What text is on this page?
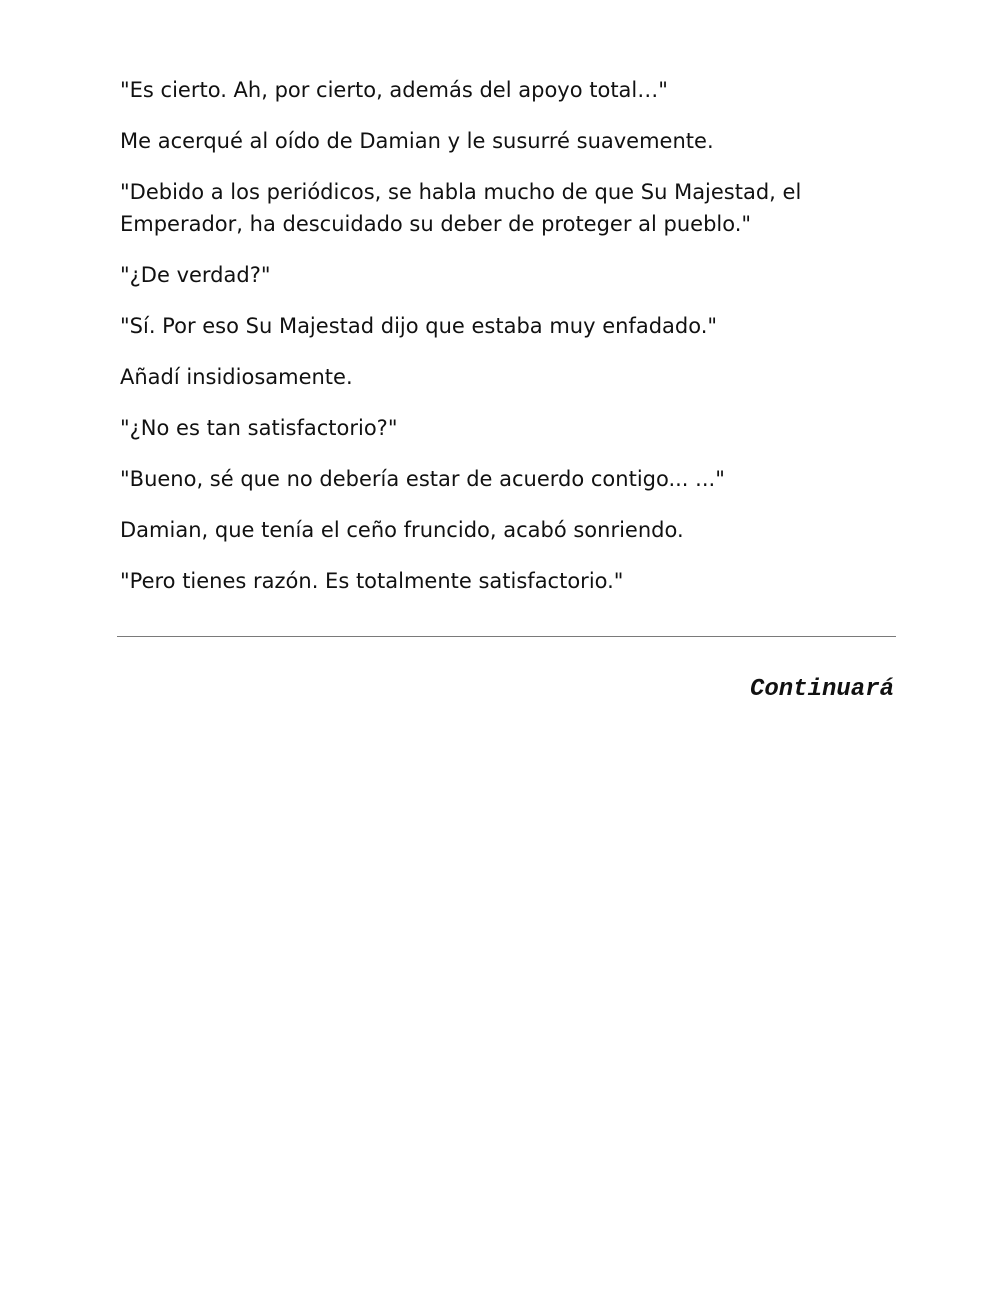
"Es cierto. Ah, por cierto, además del apoyo total…"

Me acerqué al oído de Damian y le susurré suavemente.

"Debido a los periódicos, se habla mucho de que Su Majestad, el Emperador, ha descuidado su deber de proteger al pueblo."

"¿De verdad?"

"Sí. Por eso Su Majestad dijo que estaba muy enfadado."

Añadí insidiosamente.

"¿No es tan satisfactorio?"

"Bueno, sé que no debería estar de acuerdo contigo... ..."

Damian, que tenía el ceño fruncido, acabó sonriendo.

"Pero tienes razón. Es totalmente satisfactorio."

Continuará
